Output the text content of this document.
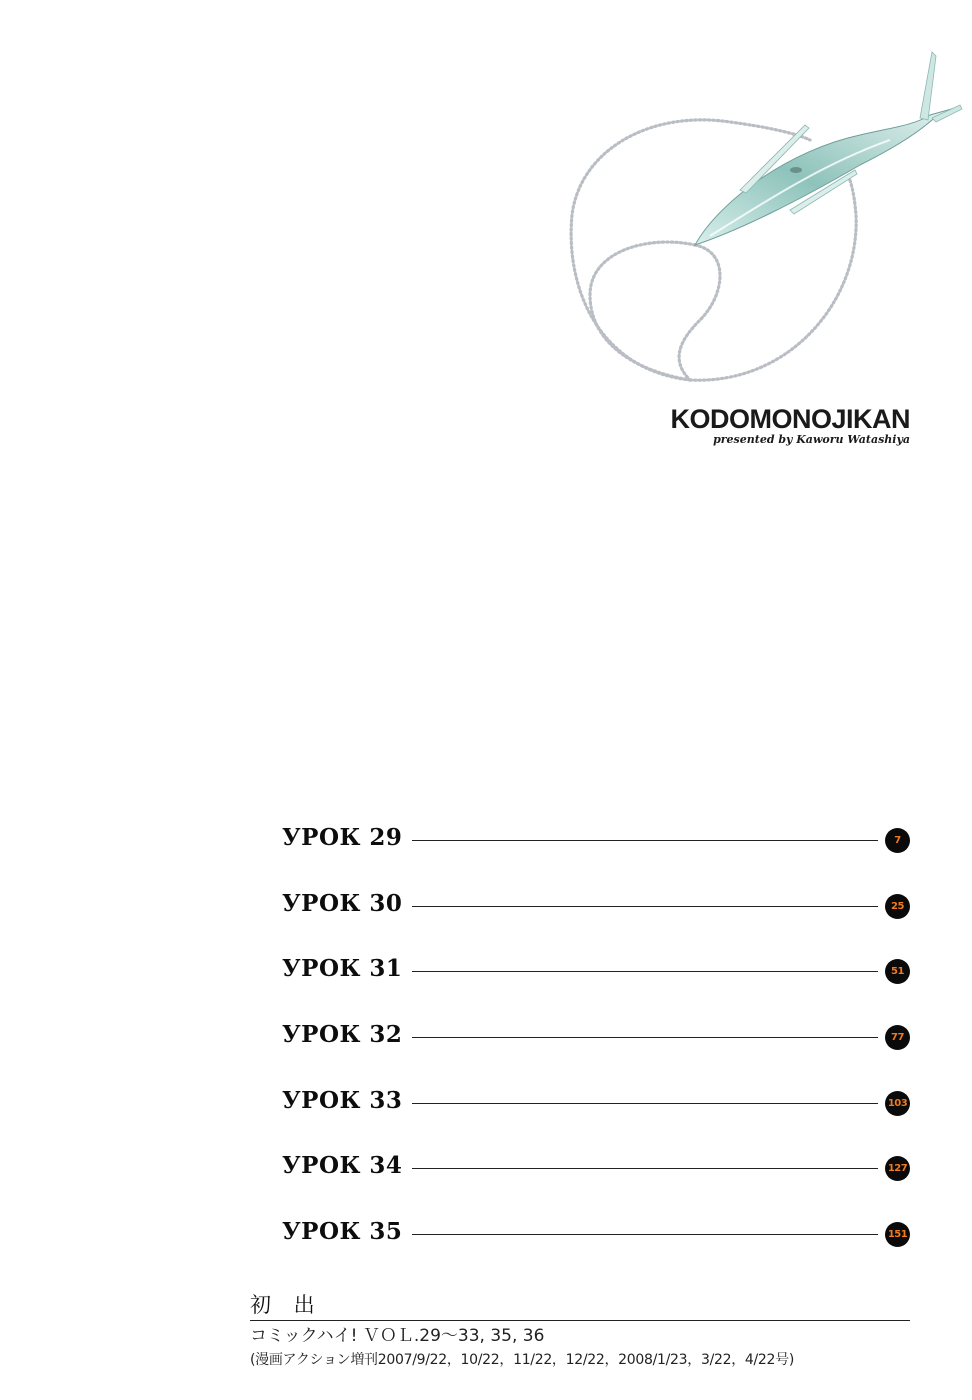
KODOMONOJIKAN
presented by Kaworu Watashiya
УРОК 29	7
УРОК 30	25
УРОК 31	51
УРОК 32	77
УРОК 33	103
УРОК 34	127
УРОК 35	151
初 出
コミックハイ! ＶＯＬ.29～33, 35, 36
(漫画アクション増刊2007/9/22，10/22，11/22，12/22，2008/1/23，3/22，4/22号)
